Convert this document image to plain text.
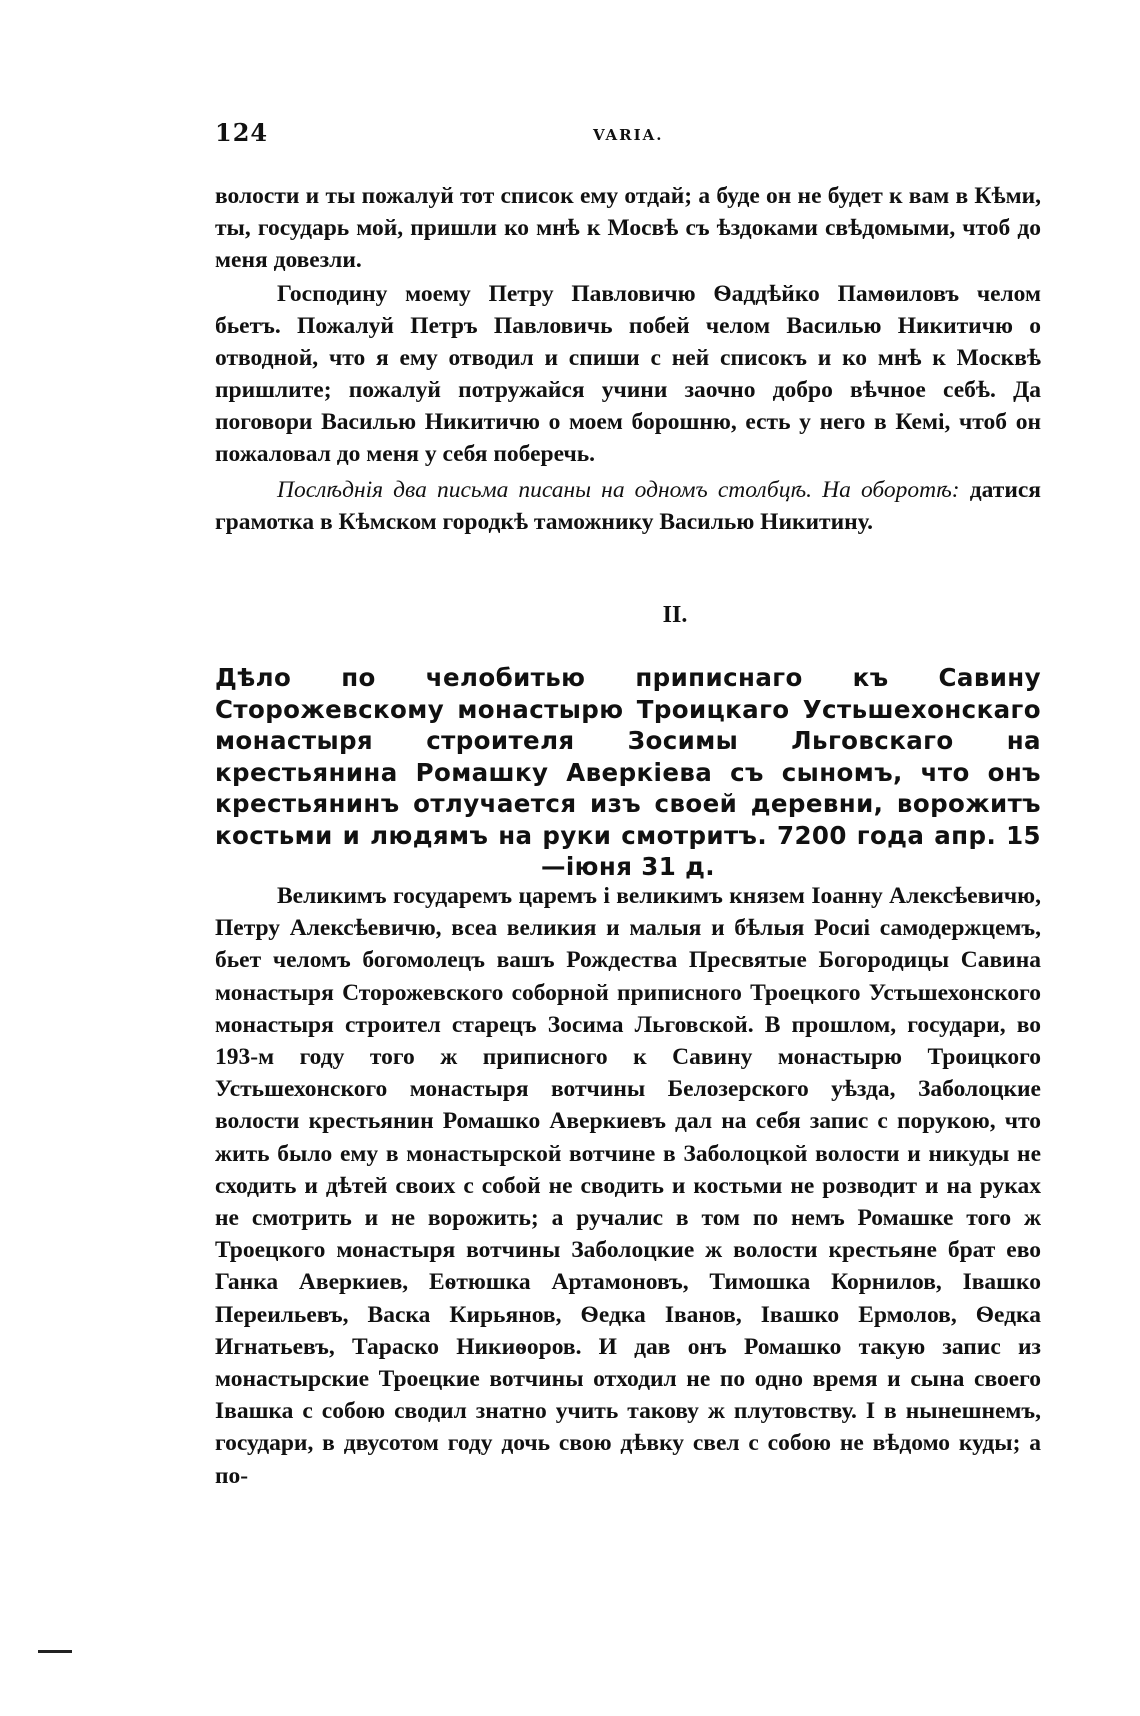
124	VARIA.

волости и ты пожалуй тот список ему отдай; а буде он не будет к вам в Кѣми, ты, государь мой, пришли ко мнѣ к Мосвѣ съ ѣздоками свѣдомыми, чтоб до меня довезли.

Господину моему Петру Павловичю Ѳаддѣйко Памѳиловъ челом бьетъ. Пожалуй Петръ Павловичь побей челом Василью Никитичю о отводной, что я ему отводил и спиши с ней списокъ и ко мнѣ к Москвѣ пришлите; пожалуй потружайся учини заочно добро вѣчное себѣ. Да поговори Василью Никитичю о моем борошню, есть у него в Кемі, чтоб он пожаловал до меня у себя поберечь.

Послѣднія два письма писаны на одномъ столбцѣ. На оборотѣ: датися грамотка в Кѣмском городкѣ таможнику Василью Никитину.

II.
Дѣло по челобитью приписнаго къ Савину Сторожевскому монастырю Троицкаго Устьшехонскаго монастыря строителя Зосимы Льговскаго на крестьянина Ромашку Аверкіева съ сыномъ, что онъ крестьянинъ отлучается изъ своей деревни, ворожитъ костьми и людямъ на руки смотритъ. 7200 года апр. 15—іюня 31 д.

Великимъ государемъ царемъ і великимъ князем Іоанну Алексѣевичю, Петру Алексѣевичю, всеа великия и малыя и бѣлыя Росиі самодержцемъ, бьет челомъ богомолецъ вашъ Рождества Пресвятые Богородицы Савина монастыря Сторожевского соборной приписного Троецкого Устьшехонского монастыря строител старецъ Зосима Льговской. В прошлом, государи, во 193-м году того ж приписного к Савину монастырю Троицкого Устьшехонского монастыря вотчины Белозерского уѣзда, Заболоцкие волости крестьянин Ромашко Аверкиевъ дал на себя запис с порукою, что жить было ему в монастырской вотчине в Заболоцкой волости и никуды не сходить и дѣтей своих с собой не сводить и костьми не розводит и на руках не смотрить и не ворожить; а ручалис в том по немъ Ромашке того ж Троецкого монастыря вотчины Заболоцкие ж волости крестьяне брат ево Ганка Аверкиев, Еѳтюшка Артамоновъ, Тимошка Корнилов, Івашко Переильевъ, Васка Кирьянов, Ѳедка Іванов, Івашко Ермолов, Ѳедка Игнатьевъ, Тараско Никиѳоров. И дав онъ Ромашко такую запис из монастырские Троецкие вотчины отходил не по одно время и сына своего Івашка с собою сводил знатно учить такову ж плутовству. І в нынешнемъ, государи, в двусотом году дочь свою дѣвку свел с собою не вѣдомо куды; а по-
